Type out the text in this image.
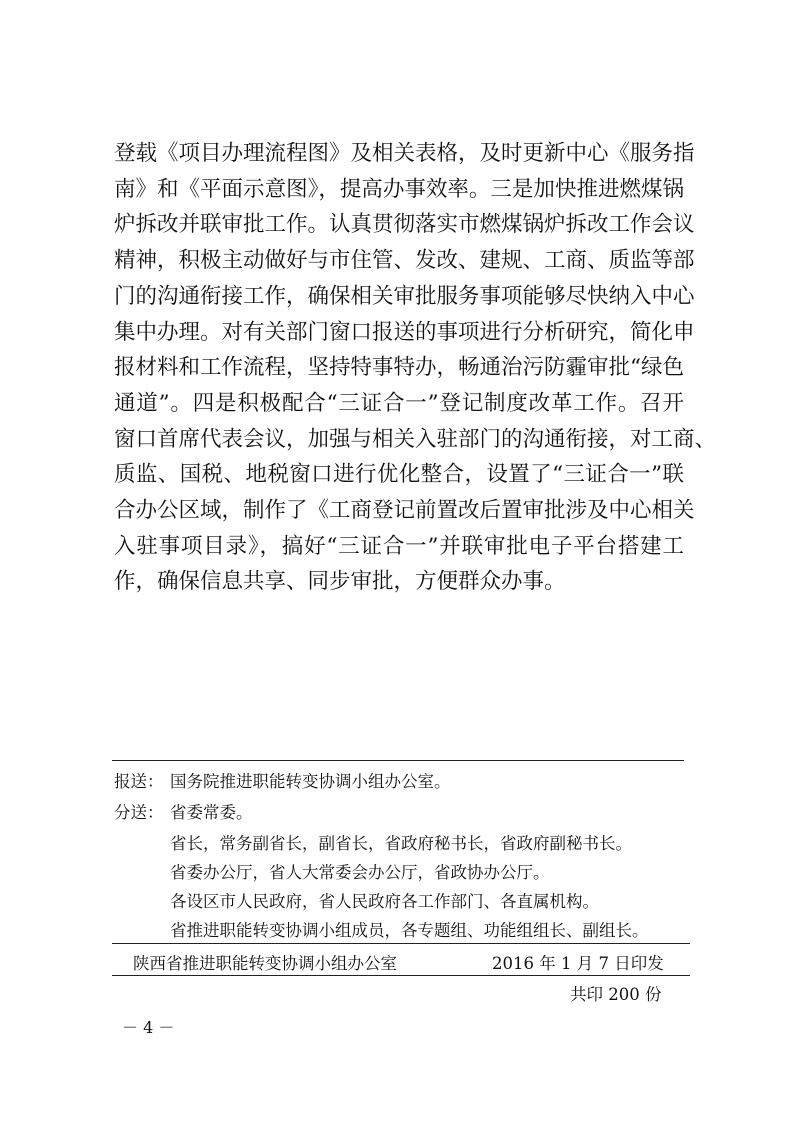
登载《项目办理流程图》及相关表格，及时更新中心《服务指
南》和《平面示意图》，提高办事效率。三是加快推进燃煤锅
炉拆改并联审批工作。认真贯彻落实市燃煤锅炉拆改工作会议
精神，积极主动做好与市住管、发改、建规、工商、质监等部
门的沟通衔接工作，确保相关审批服务事项能够尽快纳入中心
集中办理。对有关部门窗口报送的事项进行分析研究，简化申
报材料和工作流程，坚持特事特办，畅通治污防霾审批“绿色
通道”。四是积极配合“三证合一”登记制度改革工作。召开
窗口首席代表会议，加强与相关入驻部门的沟通衔接，对工商、
质监、国税、地税窗口进行优化整合，设置了“三证合一”联
合办公区域，制作了《工商登记前置改后置审批涉及中心相关
入驻事项目录》，搞好“三证合一”并联审批电子平台搭建工
作，确保信息共享、同步审批，方便群众办事。
报送： 国务院推进职能转变协调小组办公室。
分送： 省委常委。
省长，常务副省长，副省长，省政府秘书长，省政府副秘书长。
省委办公厅，省人大常委会办公厅，省政协办公厅。
各设区市人民政府，省人民政府各工作部门、各直属机构。
省推进职能转变协调小组成员，各专题组、功能组组长、副组长。
陕西省推进职能转变协调小组办公室	2016 年 1 月 7 日印发
共印 200 份
－ 4 －
